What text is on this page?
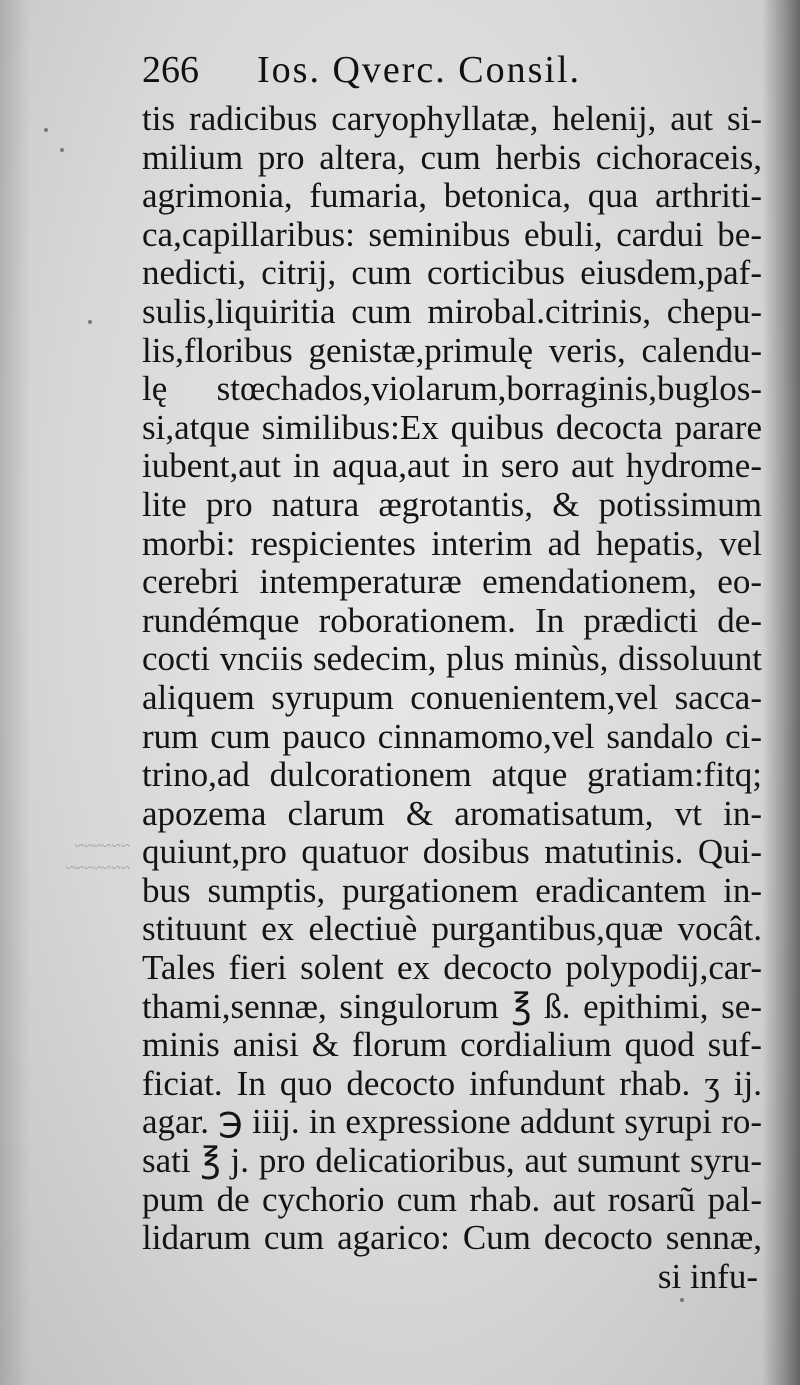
~~~~~~
~~~~~~~
266 Ios. Qverc. Consil.
tis radicibus caryophyllatæ, helenij, aut si-
milium pro altera, cum herbis cichoraceis,
agrimonia, fumaria, betonica, qua arthriti-
ca,capillaribus: seminibus ebuli, cardui be-
nedicti, citrij, cum corticibus eiusdem,paf-
sulis,liquiritia cum mirobal.citrinis, chepu-
lis,floribus genistæ,primulę veris, calendu-
lę stœchados,violarum,borraginis,buglos-
si,atque similibus:Ex quibus decocta parare
iubent,aut in aqua,aut in sero aut hydrome-
lite pro natura ægrotantis, & potissimum
morbi: respicientes interim ad hepatis, vel
cerebri intemperaturæ emendationem, eo-
rundémque roborationem. In prædicti de-
cocti vnciis sedecim, plus minùs, dissoluunt
aliquem syrupum conuenientem,vel sacca-
rum cum pauco cinnamomo,vel sandalo ci-
trino,ad dulcorationem atque gratiam:fitq;
apozema clarum & aromatisatum, vt in-
quiunt,pro quatuor dosibus matutinis. Qui-
bus sumptis, purgationem eradicantem in-
stituunt ex electiuè purgantibus,quæ vocât.
Tales fieri solent ex decocto polypodij,car-
thami,sennæ, singulorum ℥ ß. epithimi, se-
minis anisi & florum cordialium quod suf-
ficiat. In quo decocto infundunt rhab. ʒ ij.
agar. ℈ iiij. in expressione addunt syrupi ro-
sati ℥ j. pro delicatioribus, aut sumunt syru-
pum de cychorio cum rhab. aut rosarũ pal-
lidarum cum agarico: Cum decocto sennæ,
si infu-
